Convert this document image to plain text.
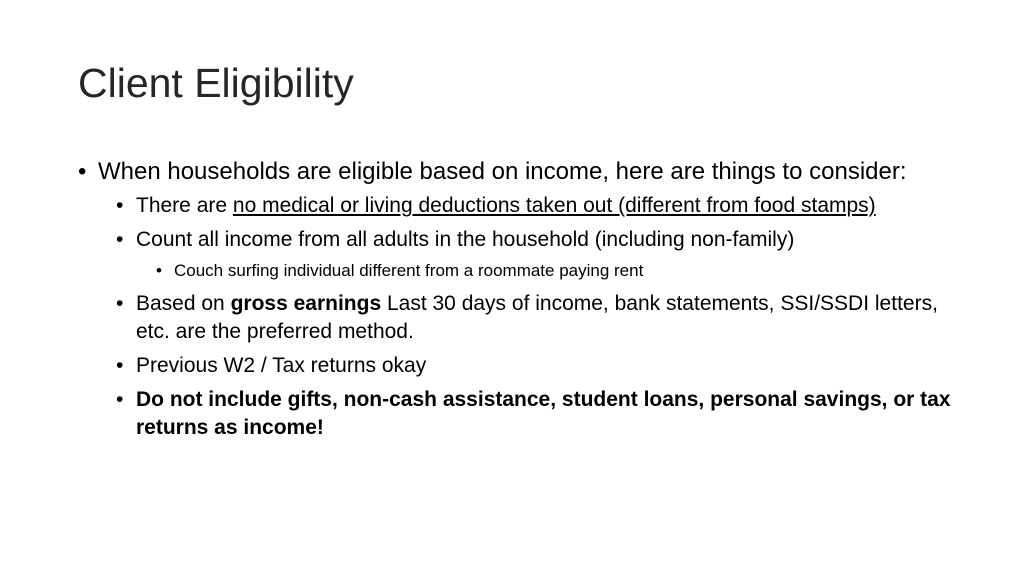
Client Eligibility
• When households are eligible based on income, here are things to consider:
• There are no medical or living deductions taken out (different from food stamps)
• Count all income from all adults in the household (including non-family)
• Couch surfing individual different from a roommate paying rent
• Based on gross earnings Last 30 days of income, bank statements, SSI/SSDI letters, etc. are the preferred method.
• Previous W2 / Tax returns okay
• Do not include gifts, non-cash assistance, student loans, personal savings, or tax returns as income!
